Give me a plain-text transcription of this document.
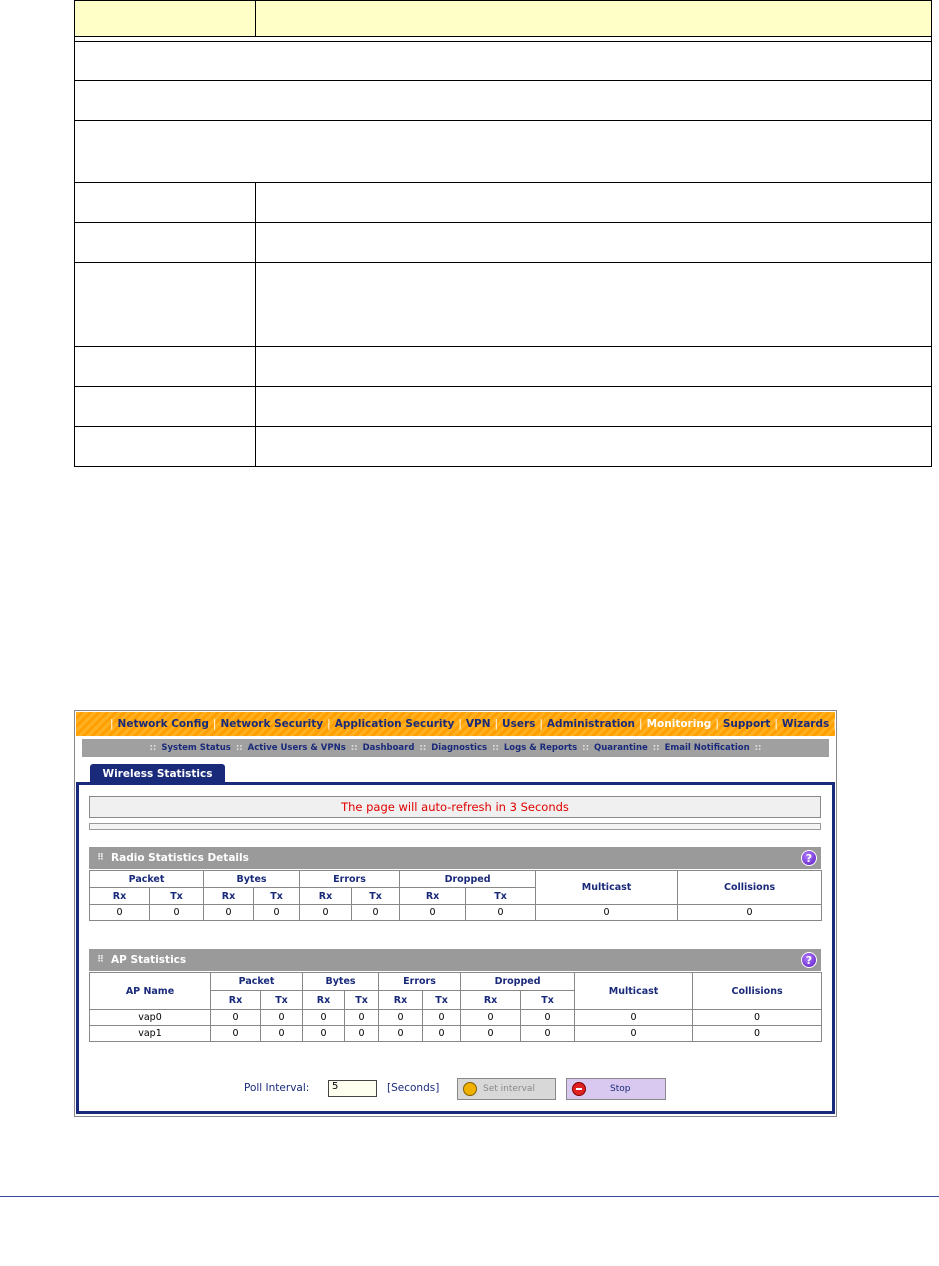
| Network Config | Network Security | Application Security | VPN | Users | Administration | Monitoring | Support | Wizards |
:: System Status :: Active Users & VPNs :: Dashboard :: Diagnostics :: Logs & Reports :: Quarantine :: Email Notification ::
Wireless Statistics
The page will auto-refresh in 3 Seconds
⠿ Radio Statistics Details	?
Packet		Bytes		Errors		Dropped		Multicast	Collisions
Rx	Tx	Rx	Tx	Rx	Tx	Rx	Tx		
0	0	0	0	0	0	0	0	0	0
⠿ AP Statistics	?
AP Name	Packet		Bytes		Errors		Dropped		Multicast	Collisions
	Rx	Tx	Rx	Tx	Rx	Tx	Rx	Tx		
vap0	0	0	0	0	0	0	0	0	0	0
vap1	0	0	0	0	0	0	0	0	0	0
Poll Interval:	5	[Seconds]	Set interval	Stop
